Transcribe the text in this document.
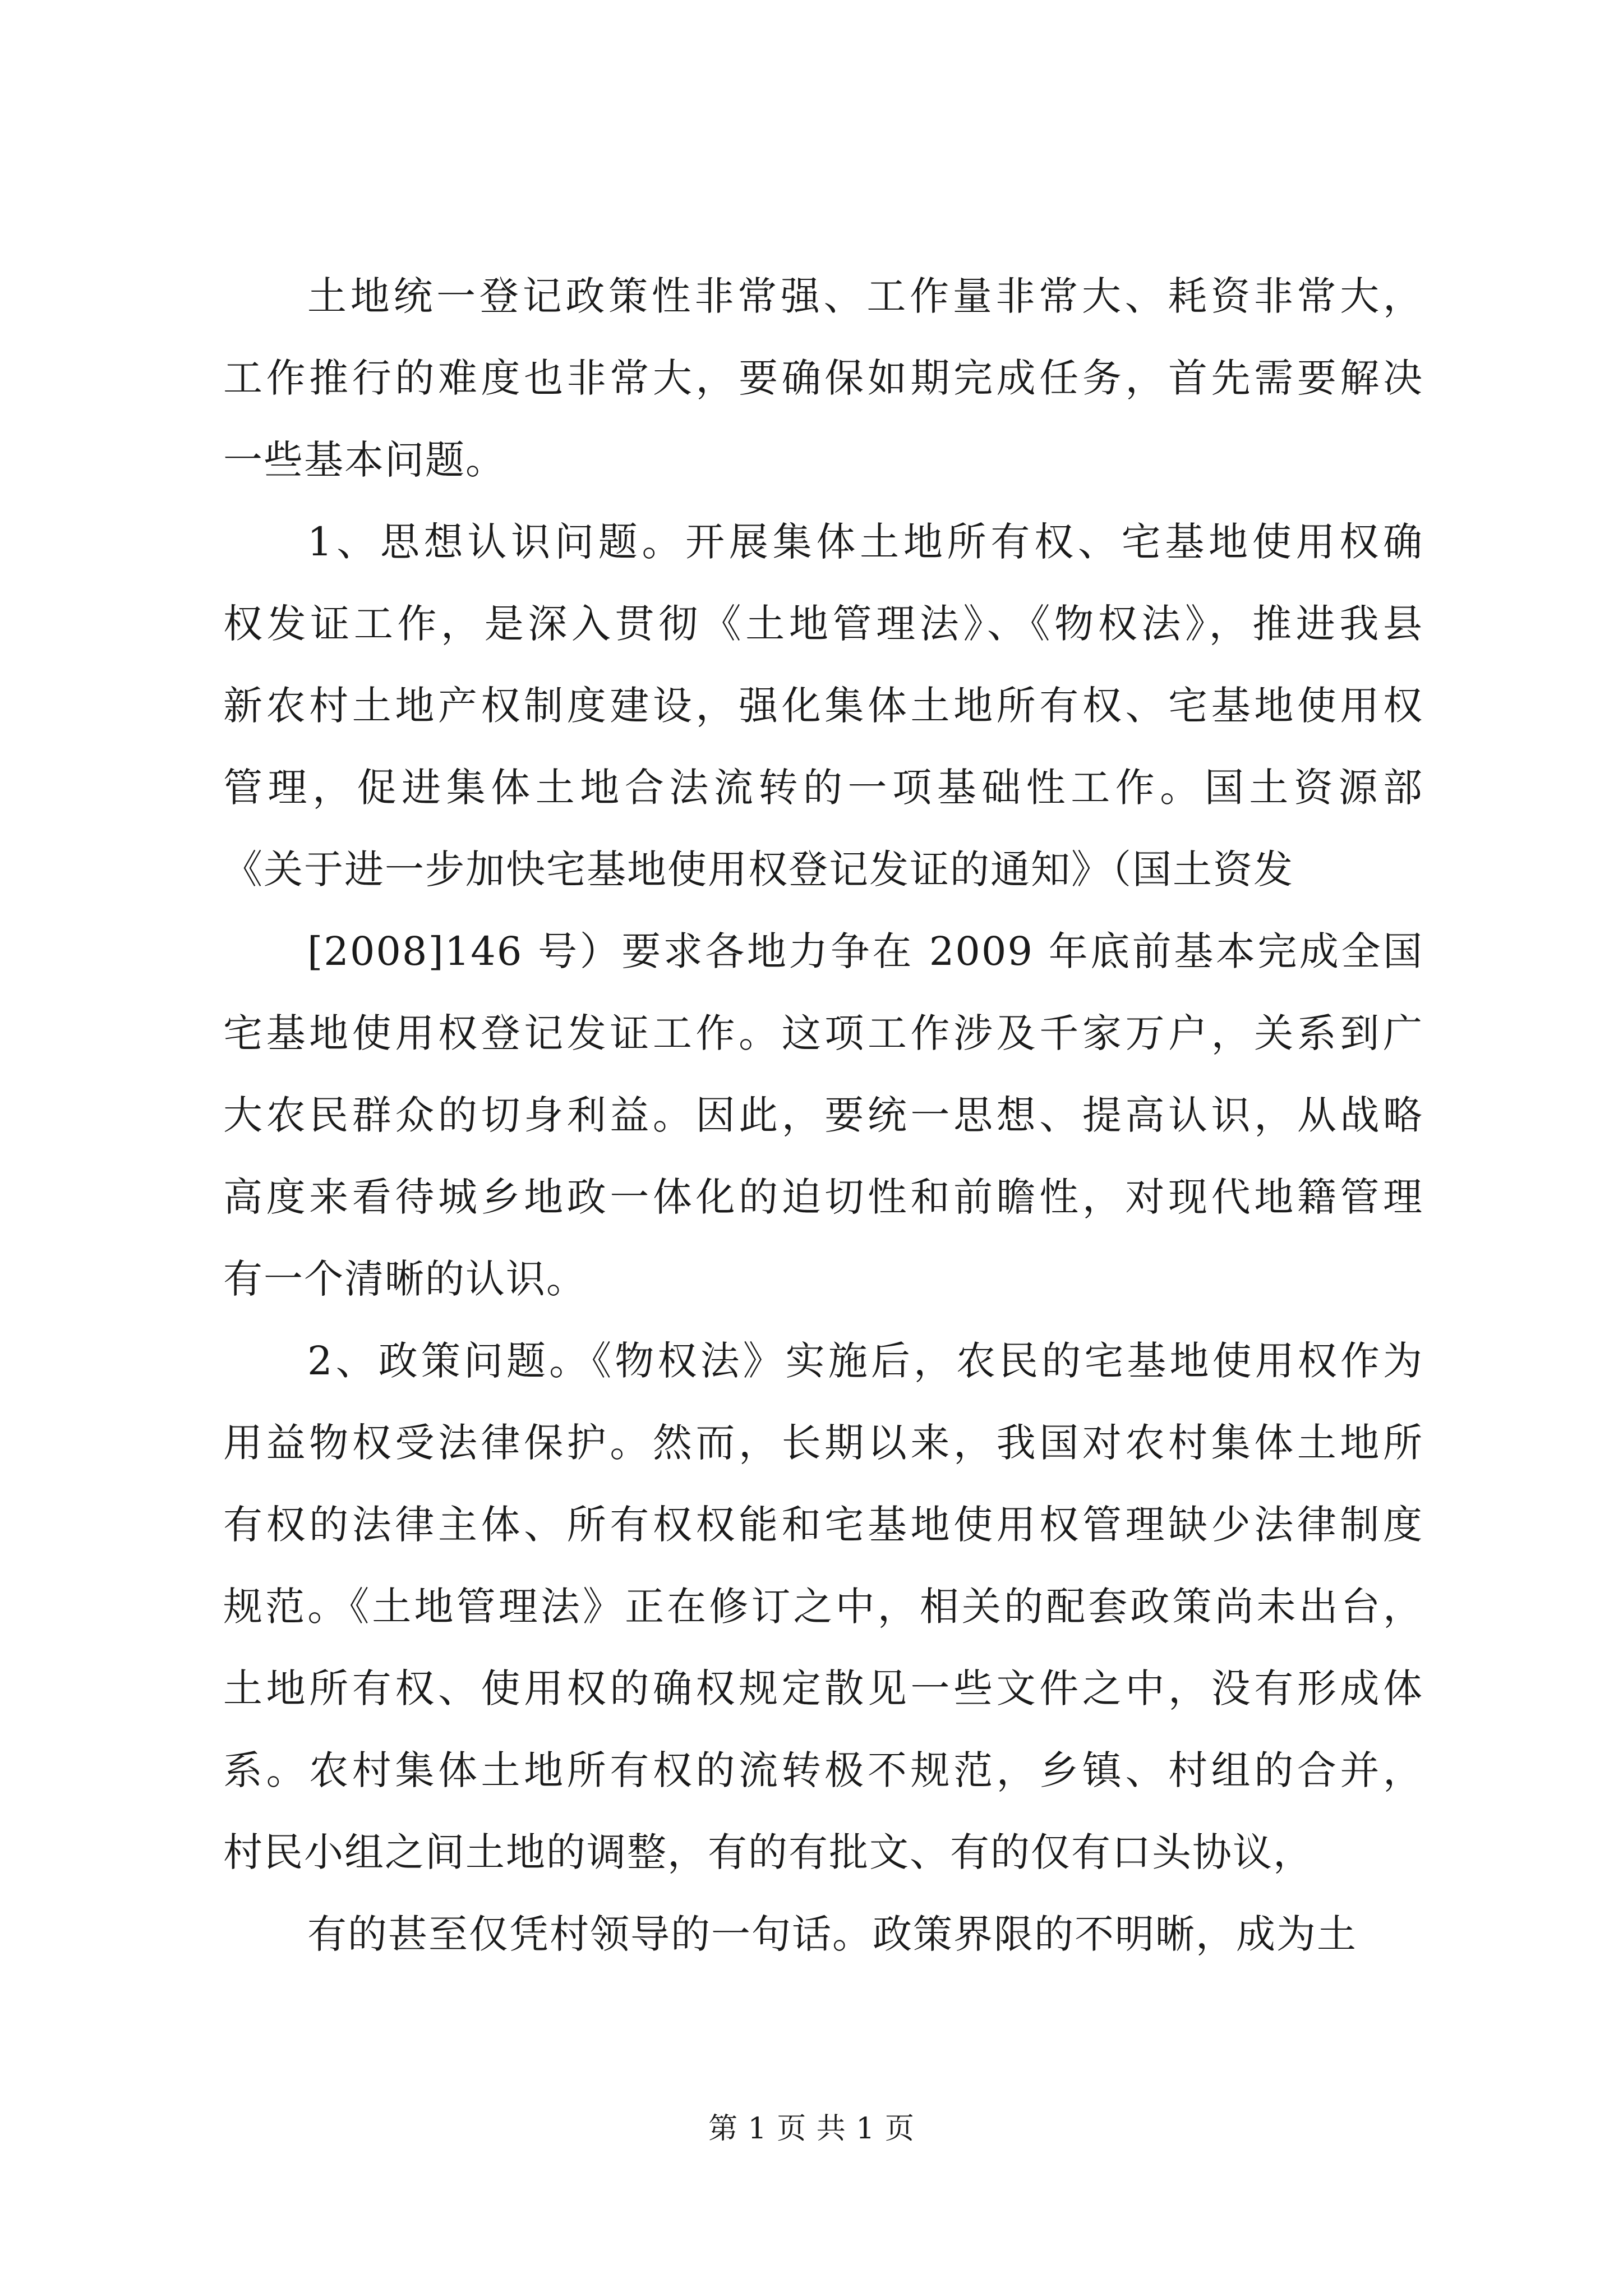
土地统一登记政策性非常强、工作量非常大、耗资非常大，
工作推行的难度也非常大，要确保如期完成任务，首先需要解决
一些基本问题。
1、思想认识问题。开展集体土地所有权、宅基地使用权确
权发证工作，是深入贯彻《土地管理法》、《物权法》，推进我县
新农村土地产权制度建设，强化集体土地所有权、宅基地使用权
管理，促进集体土地合法流转的一项基础性工作。国土资源部
《关于进一步加快宅基地使用权登记发证的通知》（国土资发
[2008]146 号）要求各地力争在 2009 年底前基本完成全国
宅基地使用权登记发证工作。这项工作涉及千家万户，关系到广
大农民群众的切身利益。因此，要统一思想、提高认识，从战略
高度来看待城乡地政一体化的迫切性和前瞻性，对现代地籍管理
有一个清晰的认识。
2、政策问题。《物权法》实施后，农民的宅基地使用权作为
用益物权受法律保护。然而，长期以来，我国对农村集体土地所
有权的法律主体、所有权权能和宅基地使用权管理缺少法律制度
规范。《土地管理法》正在修订之中，相关的配套政策尚未出台，
土地所有权、使用权的确权规定散见一些文件之中，没有形成体
系。农村集体土地所有权的流转极不规范，乡镇、村组的合并，
村民小组之间土地的调整，有的有批文、有的仅有口头协议，
有的甚至仅凭村领导的一句话。政策界限的不明晰，成为土
第 1 页 共 1 页
